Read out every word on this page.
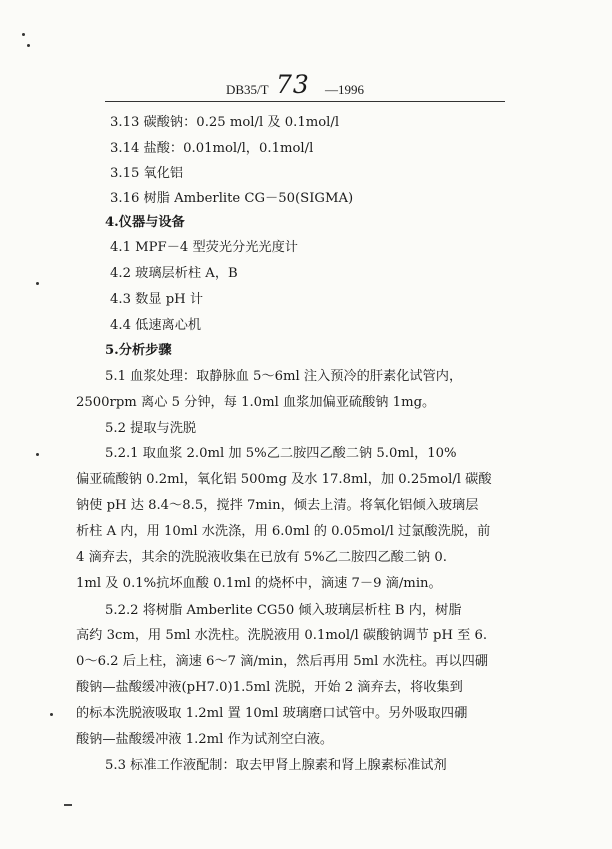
DB35/T 73 —1996
3.13 碳酸钠：0.25 mol/l 及 0.1mol/l
3.14 盐酸：0.01mol/l，0.1mol/l
3.15 氧化铝
3.16 树脂 Amberlite CG－50(SIGMA)
4.仪器与设备
4.1 MPF－4 型荧光分光光度计
4.2 玻璃层析柱 A，B
4.3 数显 pH 计
4.4 低速离心机
5.分析步骤
5.1 血浆处理：取静脉血 5～6ml 注入预冷的肝素化试管内，
2500rpm 离心 5 分钟，每 1.0ml 血浆加偏亚硫酸钠 1mg。
5.2 提取与洗脱
5.2.1 取血浆 2.0ml 加 5%乙二胺四乙酸二钠 5.0ml，10%
偏亚硫酸钠 0.2ml，氧化铝 500mg 及水 17.8ml，加 0.25mol/l 碳酸
钠使 pH 达 8.4～8.5，搅拌 7min，倾去上清。将氧化铝倾入玻璃层
析柱 A 内，用 10ml 水洗涤，用 6.0ml 的 0.05mol/l 过氯酸洗脱，前
4 滴弃去，其余的洗脱液收集在已放有 5%乙二胺四乙酸二钠 0.
1ml 及 0.1%抗坏血酸 0.1ml 的烧杯中，滴速 7－9 滴/min。
5.2.2 将树脂 Amberlite CG50 倾入玻璃层析柱 B 内，树脂
高约 3cm，用 5ml 水洗柱。洗脱液用 0.1mol/l 碳酸钠调节 pH 至 6.
0～6.2 后上柱，滴速 6～7 滴/min，然后再用 5ml 水洗柱。再以四硼
酸钠—盐酸缓冲液(pH7.0)1.5ml 洗脱，开始 2 滴弃去，将收集到
的标本洗脱液吸取 1.2ml 置 10ml 玻璃磨口试管中。另外吸取四硼
酸钠—盐酸缓冲液 1.2ml 作为试剂空白液。
5.3 标准工作液配制：取去甲肾上腺素和肾上腺素标准试剂
